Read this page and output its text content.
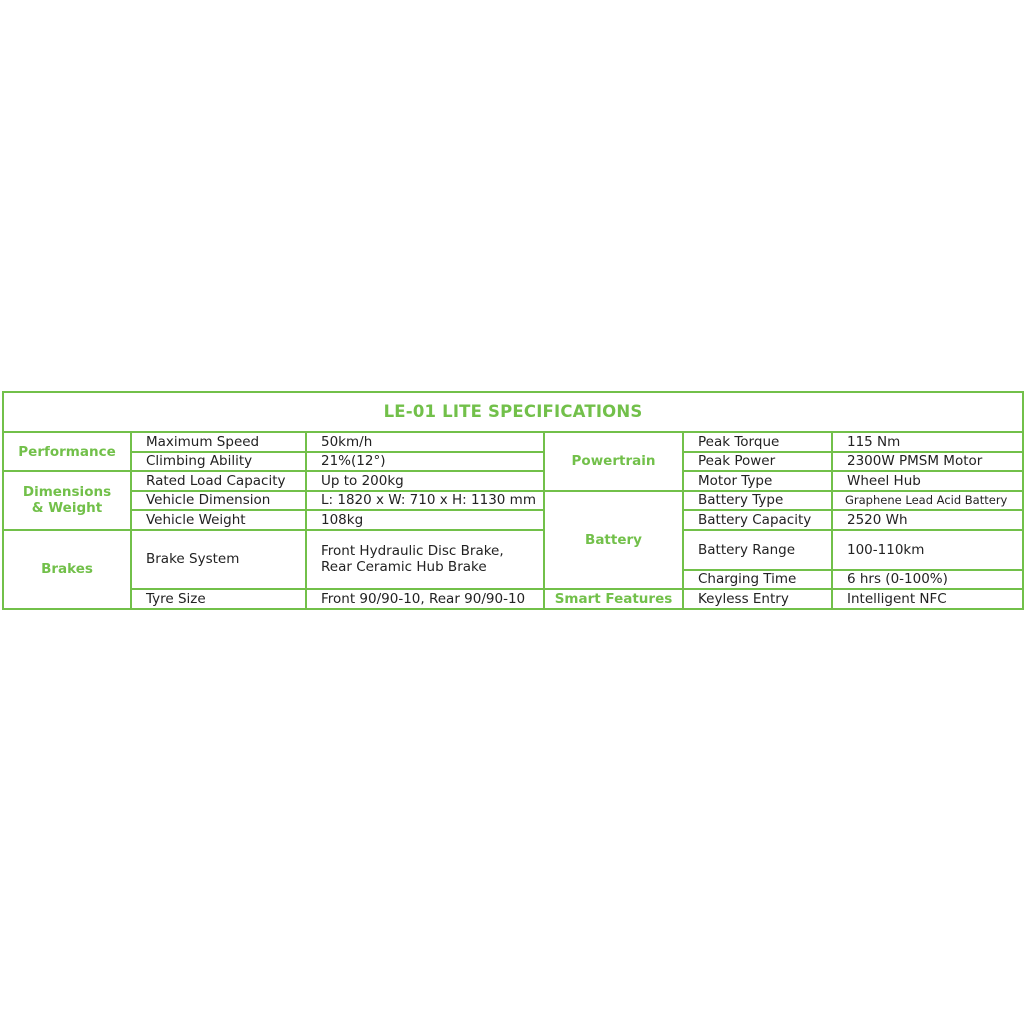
LE-01 LITE SPECIFICATIONS					
Performance	Maximum Speed	50km/h	Powertrain	Peak Torque	115 Nm
	Climbing Ability	21%(12°)		Peak Power	2300W PMSM Motor

Dimensions
& Weight	Rated Load Capacity	Up to 200kg		Motor Type	Wheel Hub
	Vehicle Dimension	L: 1820 x W: 710 x H: 1130 mm	Battery	Battery Type	Graphene Lead Acid Battery
	Vehicle Weight	108kg		Battery Capacity	2520 Wh
Brakes	Brake System	Front Hydraulic Disc Brake,
Rear Ceramic Hub Brake		Battery Range	100-110km
				Charging Time	6 hrs (0-100%)
	Tyre Size	Front 90/90-10, Rear 90/90-10	Smart Features	Keyless Entry	Intelligent NFC
